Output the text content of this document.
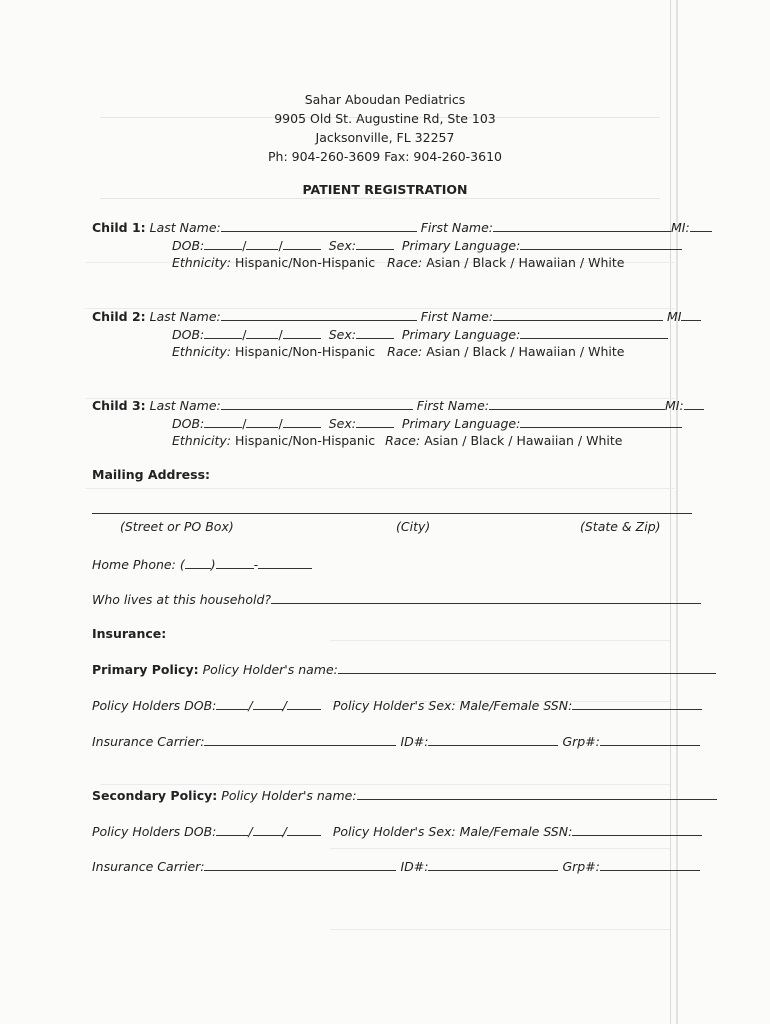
Sahar Aboudan Pediatrics
9905 Old St. Augustine Rd, Ste 103
Jacksonville, FL 32257
Ph: 904-260-3609 Fax: 904-260-3610
PATIENT REGISTRATION
Child 1: Last Name:	First Name:	MI:
DOB:	/	/	Sex:	Primary Language:
Ethnicity: Hispanic/Non-Hispanic Race: Asian / Black / Hawaiian / White
Child 2: Last Name:	First Name:	MI
DOB:	/	/	Sex:	Primary Language:
Ethnicity: Hispanic/Non-Hispanic Race: Asian / Black / Hawaiian / White
Child 3: Last Name:	First Name:	MI:
DOB:	/	/	Sex:	Primary Language:
Ethnicity: Hispanic/Non-Hispanic Race: Asian / Black / Hawaiian / White
Mailing Address:
(Street or PO Box)	(City)	(State & Zip)
Home Phone: ( )	-
Who lives at this household?
Insurance:
Primary Policy: Policy Holder's name:
Policy Holders DOB:	/ /	Policy Holder's Sex: Male/Female SSN:
Insurance Carrier:	ID#:	Grp#:
Secondary Policy: Policy Holder's name:
Policy Holders DOB:	/ /	Policy Holder's Sex: Male/Female SSN:
Insurance Carrier:	ID#:	Grp#:
